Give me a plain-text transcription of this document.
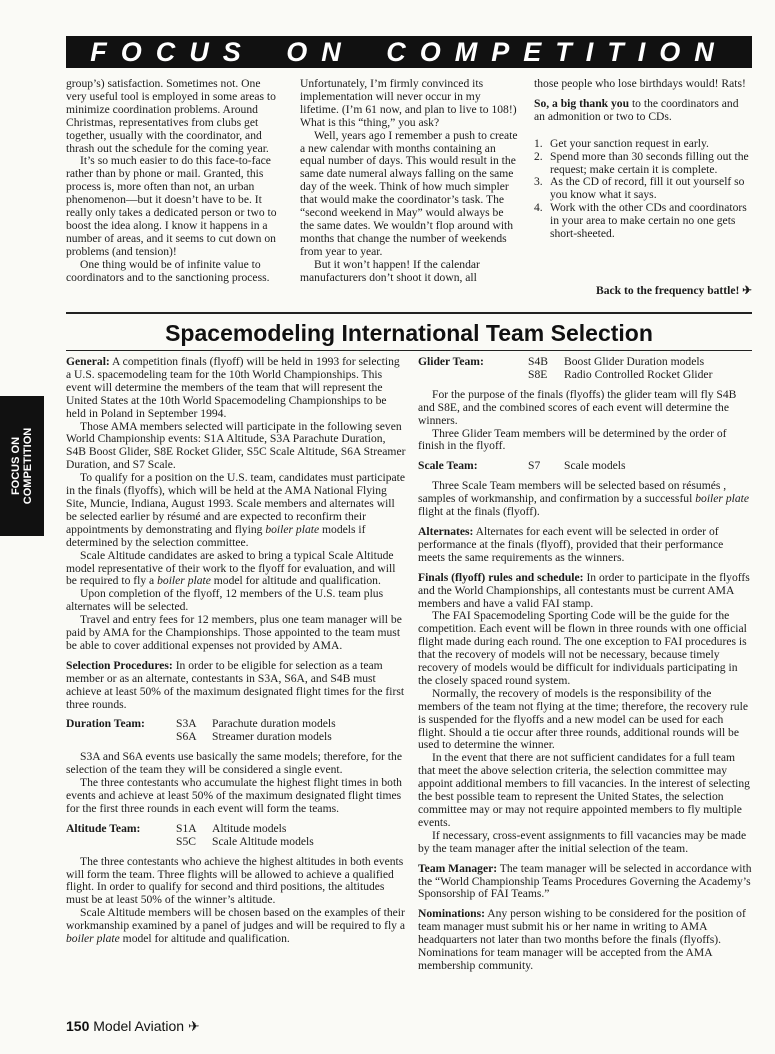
FOCUS ON COMPETITION

group’s) satisfaction. Sometimes not. One very useful tool is employed in some areas to minimize coordination problems. Around Christmas, representatives from clubs get together, usually with the coordinator, and thrash out the schedule for the coming year.

It’s so much easier to do this face-to-face rather than by phone or mail. Granted, this process is, more often than not, an urban phenomenon—but it doesn’t have to be. It really only takes a dedicated person or two to boost the idea along. I know it happens in a number of areas, and it seems to cut down on problems (and tension)!

One thing would be of infinite value to coordinators and to the sanctioning process.

Unfortunately, I’m firmly convinced its implementation will never occur in my lifetime. (I’m 61 now, and plan to live to 108!) What is this “thing,” you ask?

Well, years ago I remember a push to create a new calendar with months containing an equal number of days. This would result in the same date numeral always falling on the same day of the week. Think of how much simpler that would make the coordinator’s task. The “second weekend in May” would always be the same dates. We wouldn’t flop around with months that change the number of weekends from year to year.

But it won’t happen! If the calendar manufacturers don’t shoot it down, all

those people who lose birthdays would! Rats!

So, a big thank you to the coordinators and an admonition or two to CDs.

1. Get your sanction request in early.
2. Spend more than 30 seconds filling out the request; make certain it is complete.
3. As the CD of record, fill it out yourself so you know what it says.
4. Work with the other CDs and coordinators in your area to make certain no one gets short-sheeted.

Back to the frequency battle! ✈

Spacemodeling International Team Selection
FOCUS ON COMPETITION

General: A competition finals (flyoff) will be held in 1993 for selecting a U.S. spacemodeling team for the 10th World Championships. This event will determine the members of the team that will represent the United States at the 10th World Spacemodeling Championships to be held in Poland in September 1994.

Those AMA members selected will participate in the following seven World Championship events: S1A Altitude, S3A Parachute Duration, S4B Boost Glider, S8E Rocket Glider, S5C Scale Altitude, S6A Streamer Duration, and S7 Scale.

To qualify for a position on the U.S. team, candidates must participate in the finals (flyoffs), which will be held at the AMA National Flying Site, Muncie, Indiana, August 1993. Scale members and alternates will be selected earlier by résumé and are expected to reconfirm their appointments by demonstrating and flying boiler plate models if determined by the selection committee.

Scale Altitude candidates are asked to bring a typical Scale Altitude model representative of their work to the flyoff for evaluation, and will be required to fly a boiler plate model for altitude and qualification.

Upon completion of the flyoff, 12 members of the U.S. team plus alternates will be selected.

Travel and entry fees for 12 members, plus one team manager will be paid by AMA for the Championships. Those appointed to the team must be able to cover additional expenses not provided by AMA.

Selection Procedures: In order to be eligible for selection as a team member or as an alternate, contestants in S3A, S6A, and S4B must achieve at least 50% of the maximum designated flight times for the first three rounds.

Duration Team:	S3A	Parachute duration models
S6A	Streamer duration models

S3A and S6A events use basically the same models; therefore, for the selection of the team they will be considered a single event.

The three contestants who accumulate the highest flight times in both events and achieve at least 50% of the maximum designated flight times for the first three rounds in each event will form the teams.

Altitude Team:	S1A	Altitude models
S5C	Scale Altitude models

The three contestants who achieve the highest altitudes in both events will form the team. Three flights will be allowed to achieve a qualified flight. In order to qualify for second and third positions, the altitudes must be at least 50% of the winner’s altitude.

Scale Altitude members will be chosen based on the examples of their workmanship examined by a panel of judges and will be required to fly a boiler plate model for altitude and qualification.

Glider Team:	S4B	Boost Glider Duration models
S8E	Radio Controlled Rocket Glider

For the purpose of the finals (flyoffs) the glider team will fly S4B and S8E, and the combined scores of each event will determine the winners.

Three Glider Team members will be determined by the order of finish in the flyoff.

Scale Team:	S7	Scale models

Three Scale Team members will be selected based on résumés , samples of workmanship, and confirmation by a successful boiler plate flight at the finals (flyoff).

Alternates: Alternates for each event will be selected in order of performance at the finals (flyoff), provided that their performance meets the same requirements as the winners.

Finals (flyoff) rules and schedule: In order to participate in the flyoffs and the World Championships, all contestants must be current AMA members and have a valid FAI stamp.

The FAI Spacemodeling Sporting Code will be the guide for the competition. Each event will be flown in three rounds with one official flight made during each round. The one exception to FAI procedures is that the recovery of models will not be necessary, because timely recovery of models would be difficult for individuals participating in the closely spaced round system.

Normally, the recovery of models is the responsibility of the members of the team not flying at the time; therefore, the recovery rule is suspended for the flyoffs and a new model can be used for each flight. Should a tie occur after three rounds, additional rounds will be used to determine the winner.

In the event that there are not sufficient candidates for a full team that meet the above selection criteria, the selection committee may appoint additional members to fill vacancies. In the interest of selecting the best possible team to represent the United States, the selection committee may or may not require appointed members to fly multiple events.

If necessary, cross-event assignments to fill vacancies may be made by the team manager after the initial selection of the team.

Team Manager: The team manager will be selected in accordance with the “World Championship Teams Procedures Governing the Academy’s Sponsorship of FAI Teams.”

Nominations: Any person wishing to be considered for the position of team manager must submit his or her name in writing to AMA headquarters not later than two months before the finals (flyoffs). Nominations for team manager will be accepted from the AMA membership community.

150 Model Aviation ✈
